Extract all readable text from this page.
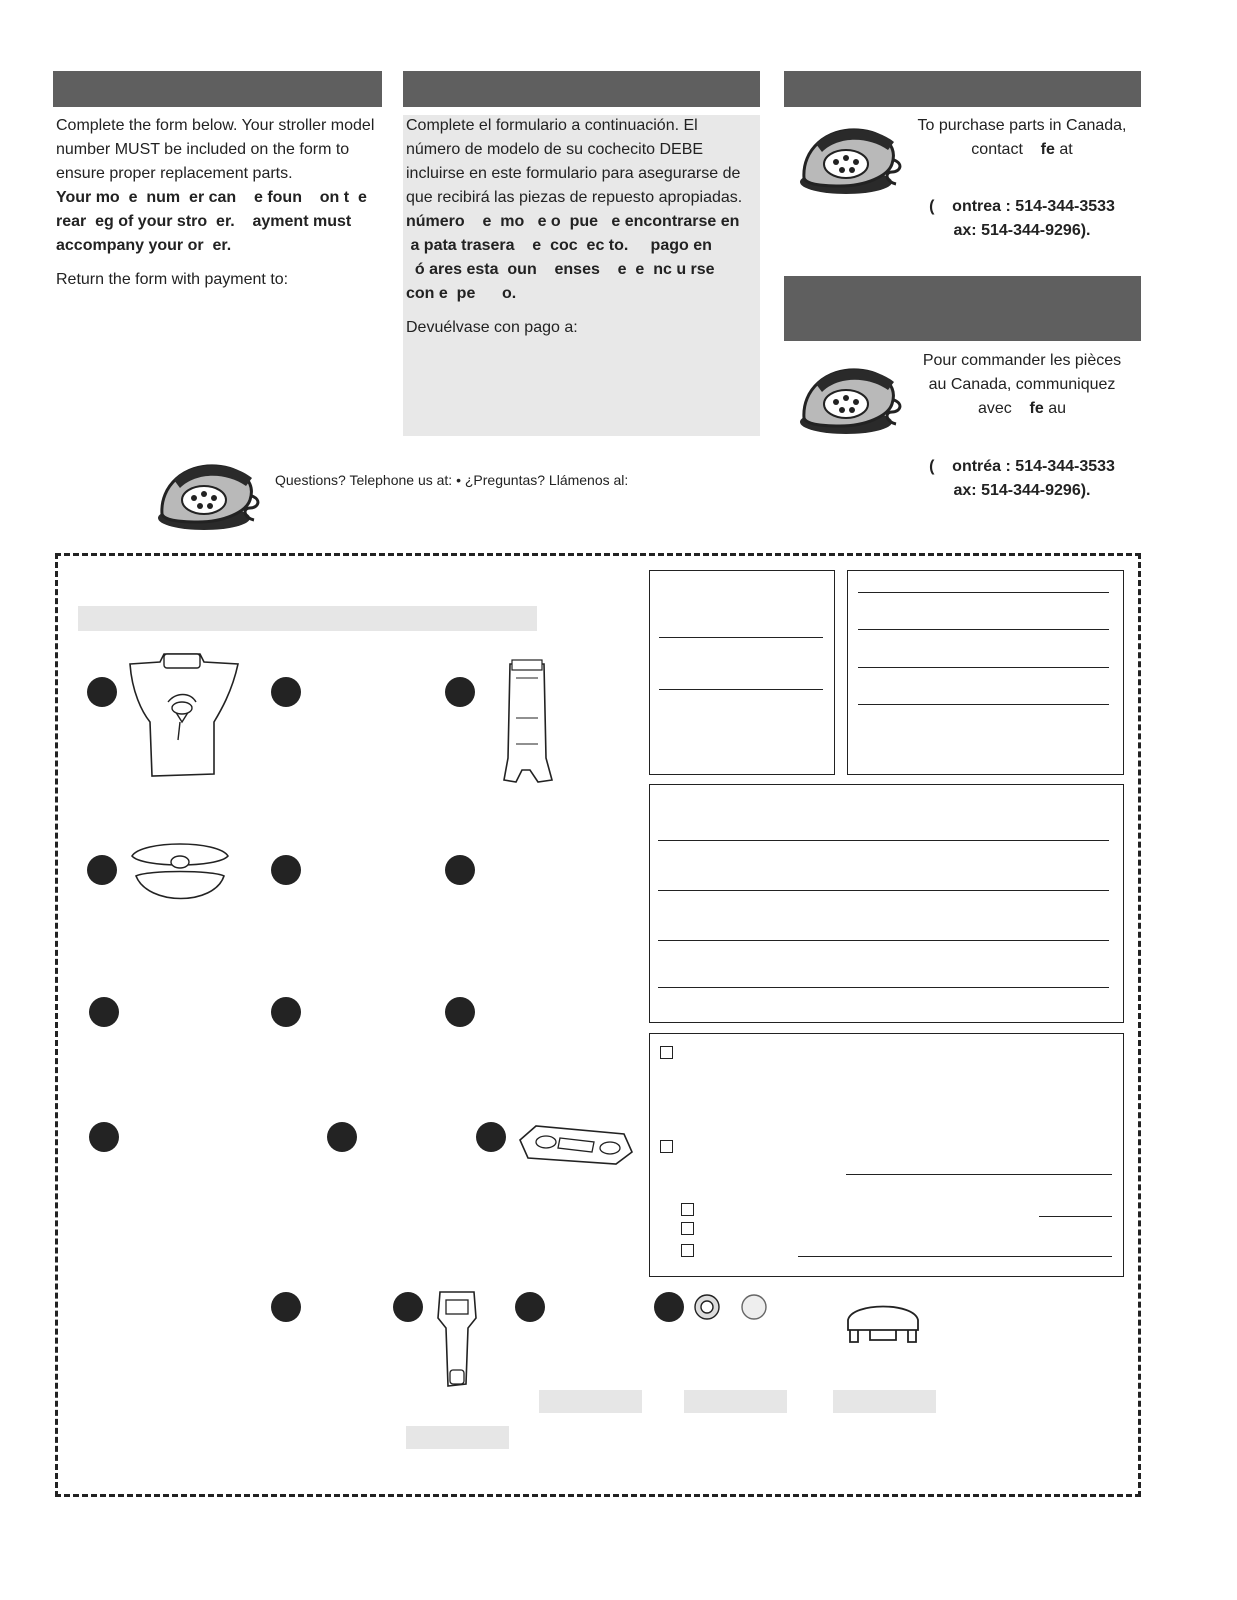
Complete the form below. Your stroller model number MUST be included on the form to ensure proper replacement parts.

Your mo  e  num  er can    e foun    on t  e

rear  eg of your stro  er.    ayment must

accompany your or  er.

Return the form with payment to:

Complete el formulario a continuación. El número de modelo de su cochecito DEBE incluirse en este formulario para asegurarse de que recibirá las piezas de repuesto apropiadas.

número    e  mo   e o  pue   e encontrarse en

a pata trasera    e  coc  ec to.     pago en

ó ares esta  oun    enses    e  e  nc u rse

con e  pe      o.

Devuélvase con pago a:

To purchase parts in Canada,

contact fe at

(    ontrea : 514-344-3533

ax: 514-344-9296).

Pour commander les pièces

au Canada, communiquez

avec fe au

(    ontréa : 514-344-3533

ax: 514-344-9296).

Questions? Telephone us at: • ¿Preguntas? Llámenos al:
